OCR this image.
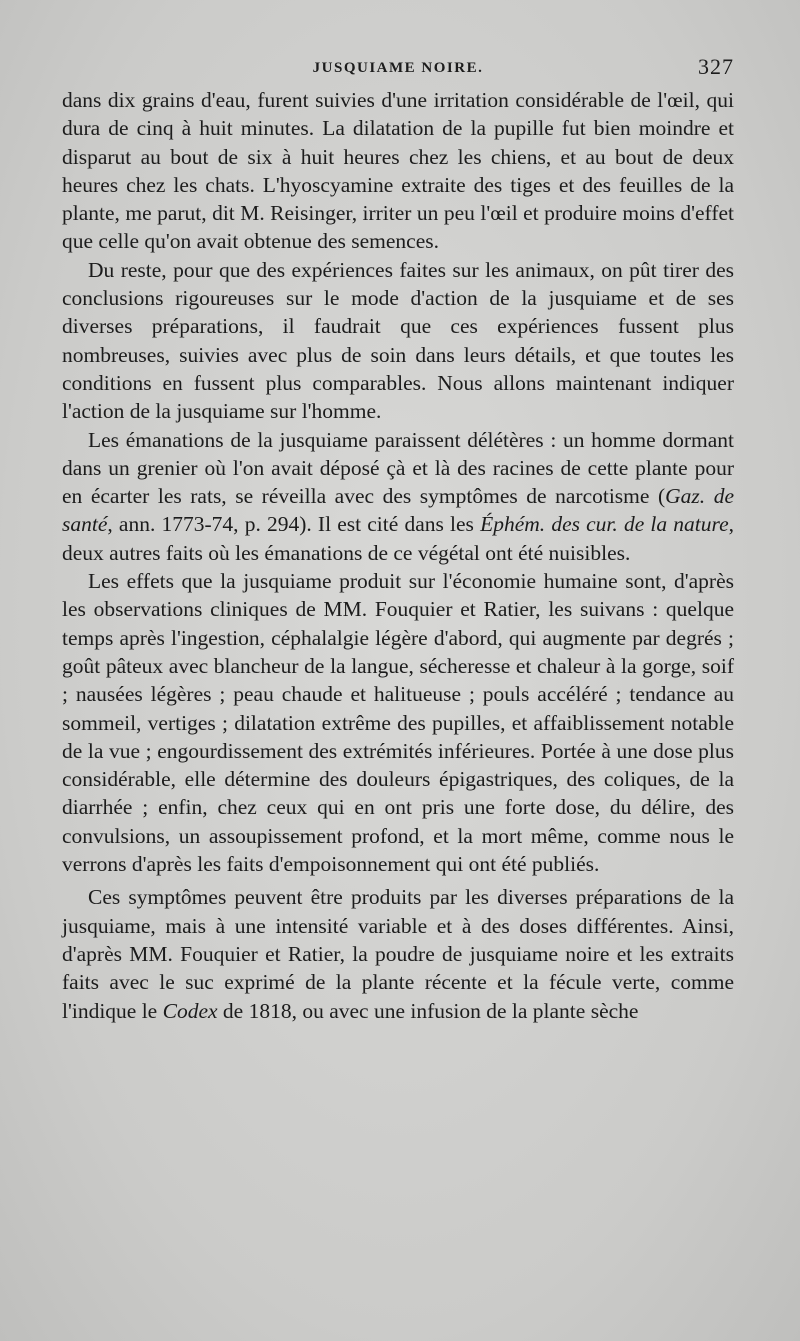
JUSQUIAME NOIRE.	327

dans dix grains d'eau, furent suivies d'une irritation considérable de l'œil, qui dura de cinq à huit minutes. La dilatation de la pupille fut bien moindre et disparut au bout de six à huit heures chez les chiens, et au bout de deux heures chez les chats. L'hyoscyamine extraite des tiges et des feuilles de la plante, me parut, dit M. Reisinger, irriter un peu l'œil et produire moins d'effet que celle qu'on avait obtenue des semences.

Du reste, pour que des expériences faites sur les animaux, on pût tirer des conclusions rigoureuses sur le mode d'action de la jusquiame et de ses diverses préparations, il faudrait que ces expériences fussent plus nombreuses, suivies avec plus de soin dans leurs détails, et que toutes les conditions en fussent plus comparables. Nous allons maintenant indiquer l'action de la jusquiame sur l'homme.

Les émanations de la jusquiame paraissent délétères : un homme dormant dans un grenier où l'on avait déposé çà et là des racines de cette plante pour en écarter les rats, se réveilla avec des symptômes de narcotisme (Gaz. de santé, ann. 1773-74, p. 294). Il est cité dans les Éphém. des cur. de la nature, deux autres faits où les émanations de ce végétal ont été nuisibles.

Les effets que la jusquiame produit sur l'économie humaine sont, d'après les observations cliniques de MM. Fouquier et Ratier, les suivans : quelque temps après l'ingestion, céphalalgie légère d'abord, qui augmente par degrés ; goût pâteux avec blancheur de la langue, sécheresse et chaleur à la gorge, soif ; nausées légères ; peau chaude et halitueuse ; pouls accéléré ; tendance au sommeil, vertiges ; dilatation extrême des pupilles, et affaiblissement notable de la vue ; engourdissement des extrémités inférieures. Portée à une dose plus considérable, elle détermine des douleurs épigastriques, des coliques, de la diarrhée ; enfin, chez ceux qui en ont pris une forte dose, du délire, des convulsions, un assoupissement profond, et la mort même, comme nous le verrons d'après les faits d'empoisonnement qui ont été publiés.

Ces symptômes peuvent être produits par les diverses préparations de la jusquiame, mais à une intensité variable et à des doses différentes. Ainsi, d'après MM. Fouquier et Ratier, la poudre de jusquiame noire et les extraits faits avec le suc exprimé de la plante récente et la fécule verte, comme l'indique le Codex de 1818, ou avec une infusion de la plante sèche
